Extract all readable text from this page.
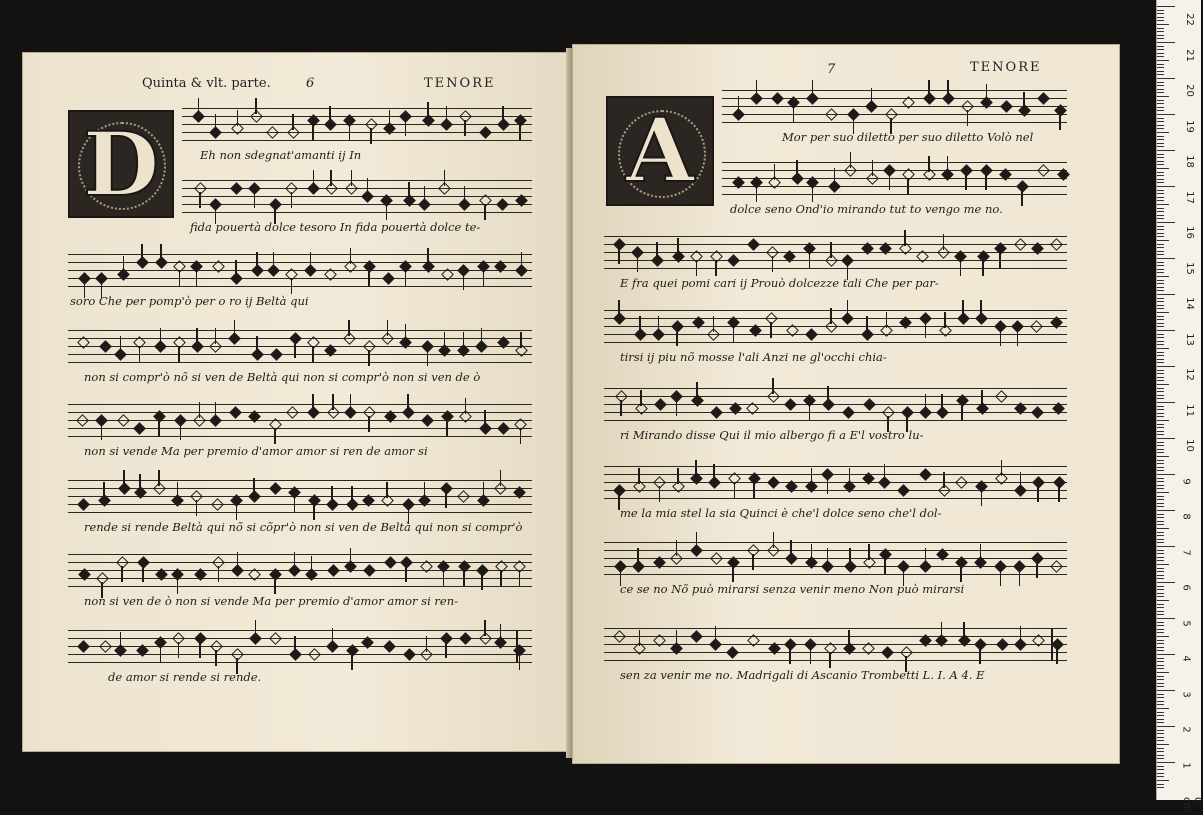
Quinta & vlt. parte.	6	TENORE
D	Eh non sdegnat'amanti ij In
fida pouertà dolce tesoro In fida pouertà dolce te-
soro Che per pomp'ò per o ro ij Beltà qui
non si compr'ò nõ si ven de Beltà qui non si compr'ò non si ven de ò
non si vende Ma per premio d'amor amor si ren de amor si
rende si rende Beltà qui nõ si cõpr'ò non si ven de Beltà qui non si compr'ò
non si ven de ò non si vende Ma per premio d'amor amor si ren-
de amor si rende si rende.
7	TENORE
A	Mor per suo diletto per suo diletto Volò nel
dolce seno Ond'io mirando tut to vengo me no.
E fra quei pomi cari ij Prouò dolcezze tali Che per par-
tirsi ij piu nõ mosse l'ali Anzi ne gl'occhi chia-
ri Mirando disse Qui il mio albergo fi a E'l vostro lu-
me la mia stel la sia Quinci è che'l dolce seno che'l dol-
ce se no Nõ può mirarsi senza venir meno Non può mirarsi
sen za venir me no. Madrigali di Ascanio Trombetti L. I. A 4. E
22
21
20
19
18
17
16
15
14
13
12
11
10
9
8
7
6
5
4
3
2
1
0 cm
